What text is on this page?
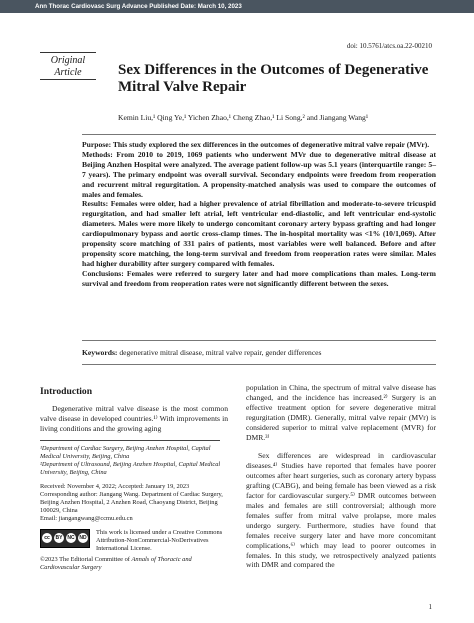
Ann Thorac Cardiovasc Surg Advance Published Date: March 10, 2023
doi: 10.5761/atcs.oa.22-00210
Original
Article	Sex Differences in the Outcomes of Degenerative Mitral Valve Repair
Kemin Liu,¹ Qing Ye,¹ Yichen Zhao,¹ Cheng Zhao,¹ Li Song,² and Jiangang Wang¹

Purpose: This study explored the sex differences in the outcomes of degenerative mitral valve repair (MVr).

Methods: From 2010 to 2019, 1069 patients who underwent MVr due to degenerative mitral disease at Beijing Anzhen Hospital were analyzed. The average patient follow-up was 5.1 years (interquartile range: 5–7 years). The primary endpoint was overall survival. Secondary endpoints were freedom from reoperation and recurrent mitral regurgitation. A propensity-matched analysis was used to compare the outcomes of males and females.

Results: Females were older, had a higher prevalence of atrial fibrillation and moderate-to-severe tricuspid regurgitation, and had smaller left atrial, left ventricular end-diastolic, and left ventricular end-systolic diameters. Males were more likely to undergo concomitant coronary artery bypass grafting and had longer cardiopulmonary bypass and aortic cross-clamp times. The in-hospital mortality was <1% (10/1,069). After propensity score matching of 331 pairs of patients, most variables were well balanced. Before and after propensity score matching, the long-term survival and freedom from reoperation rates were similar. Males had higher durability after surgery compared with females.

Conclusions: Females were referred to surgery later and had more complications than males. Long-term survival and freedom from reoperation rates were not significantly different between the sexes.

Keywords: degenerative mitral disease, mitral valve repair, gender differences
Introduction

Degenerative mitral valve disease is the most common valve disease in developed countries.¹⁾ With improvements in living conditions and the growing aging

¹Department of Cardiac Surgery, Beijing Anzhen Hospital, Capital Medical University, Beijing, China

²Department of Ultrasound, Beijing Anzhen Hospital, Capital Medical University, Beijing, China

Received: November 4, 2022; Accepted: January 19, 2023

Corresponding author: Jiangang Wang. Department of Cardiac Surgery, Beijing Anzhen Hospital, 2 Anzhen Road, Chaoyang District, Beijing 100029, China

Email: jiangangwang@ccmu.edu.cn

cc	BY NC ND
This work is licensed under a Creative Commons Attribution-NonCommercial-NoDerivatives International License.

©2023 The Editorial Committee of Annals of Thoracic and Cardiovascular Surgery

population in China, the spectrum of mitral valve disease has changed, and the incidence has increased.²⁾ Surgery is an effective treatment option for severe degenerative mitral regurgitation (DMR). Generally, mitral valve repair (MVr) is considered superior to mitral valve replacement (MVR) for DMR.³⁾

Sex differences are widespread in cardiovascular diseases.⁴⁾ Studies have reported that females have poorer outcomes after heart surgeries, such as coronary artery bypass grafting (CABG), and being female has been viewed as a risk factor for cardiovascular surgery.⁵⁾ DMR outcomes between males and females are still controversial; although more females suffer from mitral valve prolapse, more males undergo surgery. Furthermore, studies have found that females receive surgery later and have more concomitant complications,⁶⁾ which may lead to poorer outcomes in females. In this study, we retrospectively analyzed patients with DMR and compared the

1
